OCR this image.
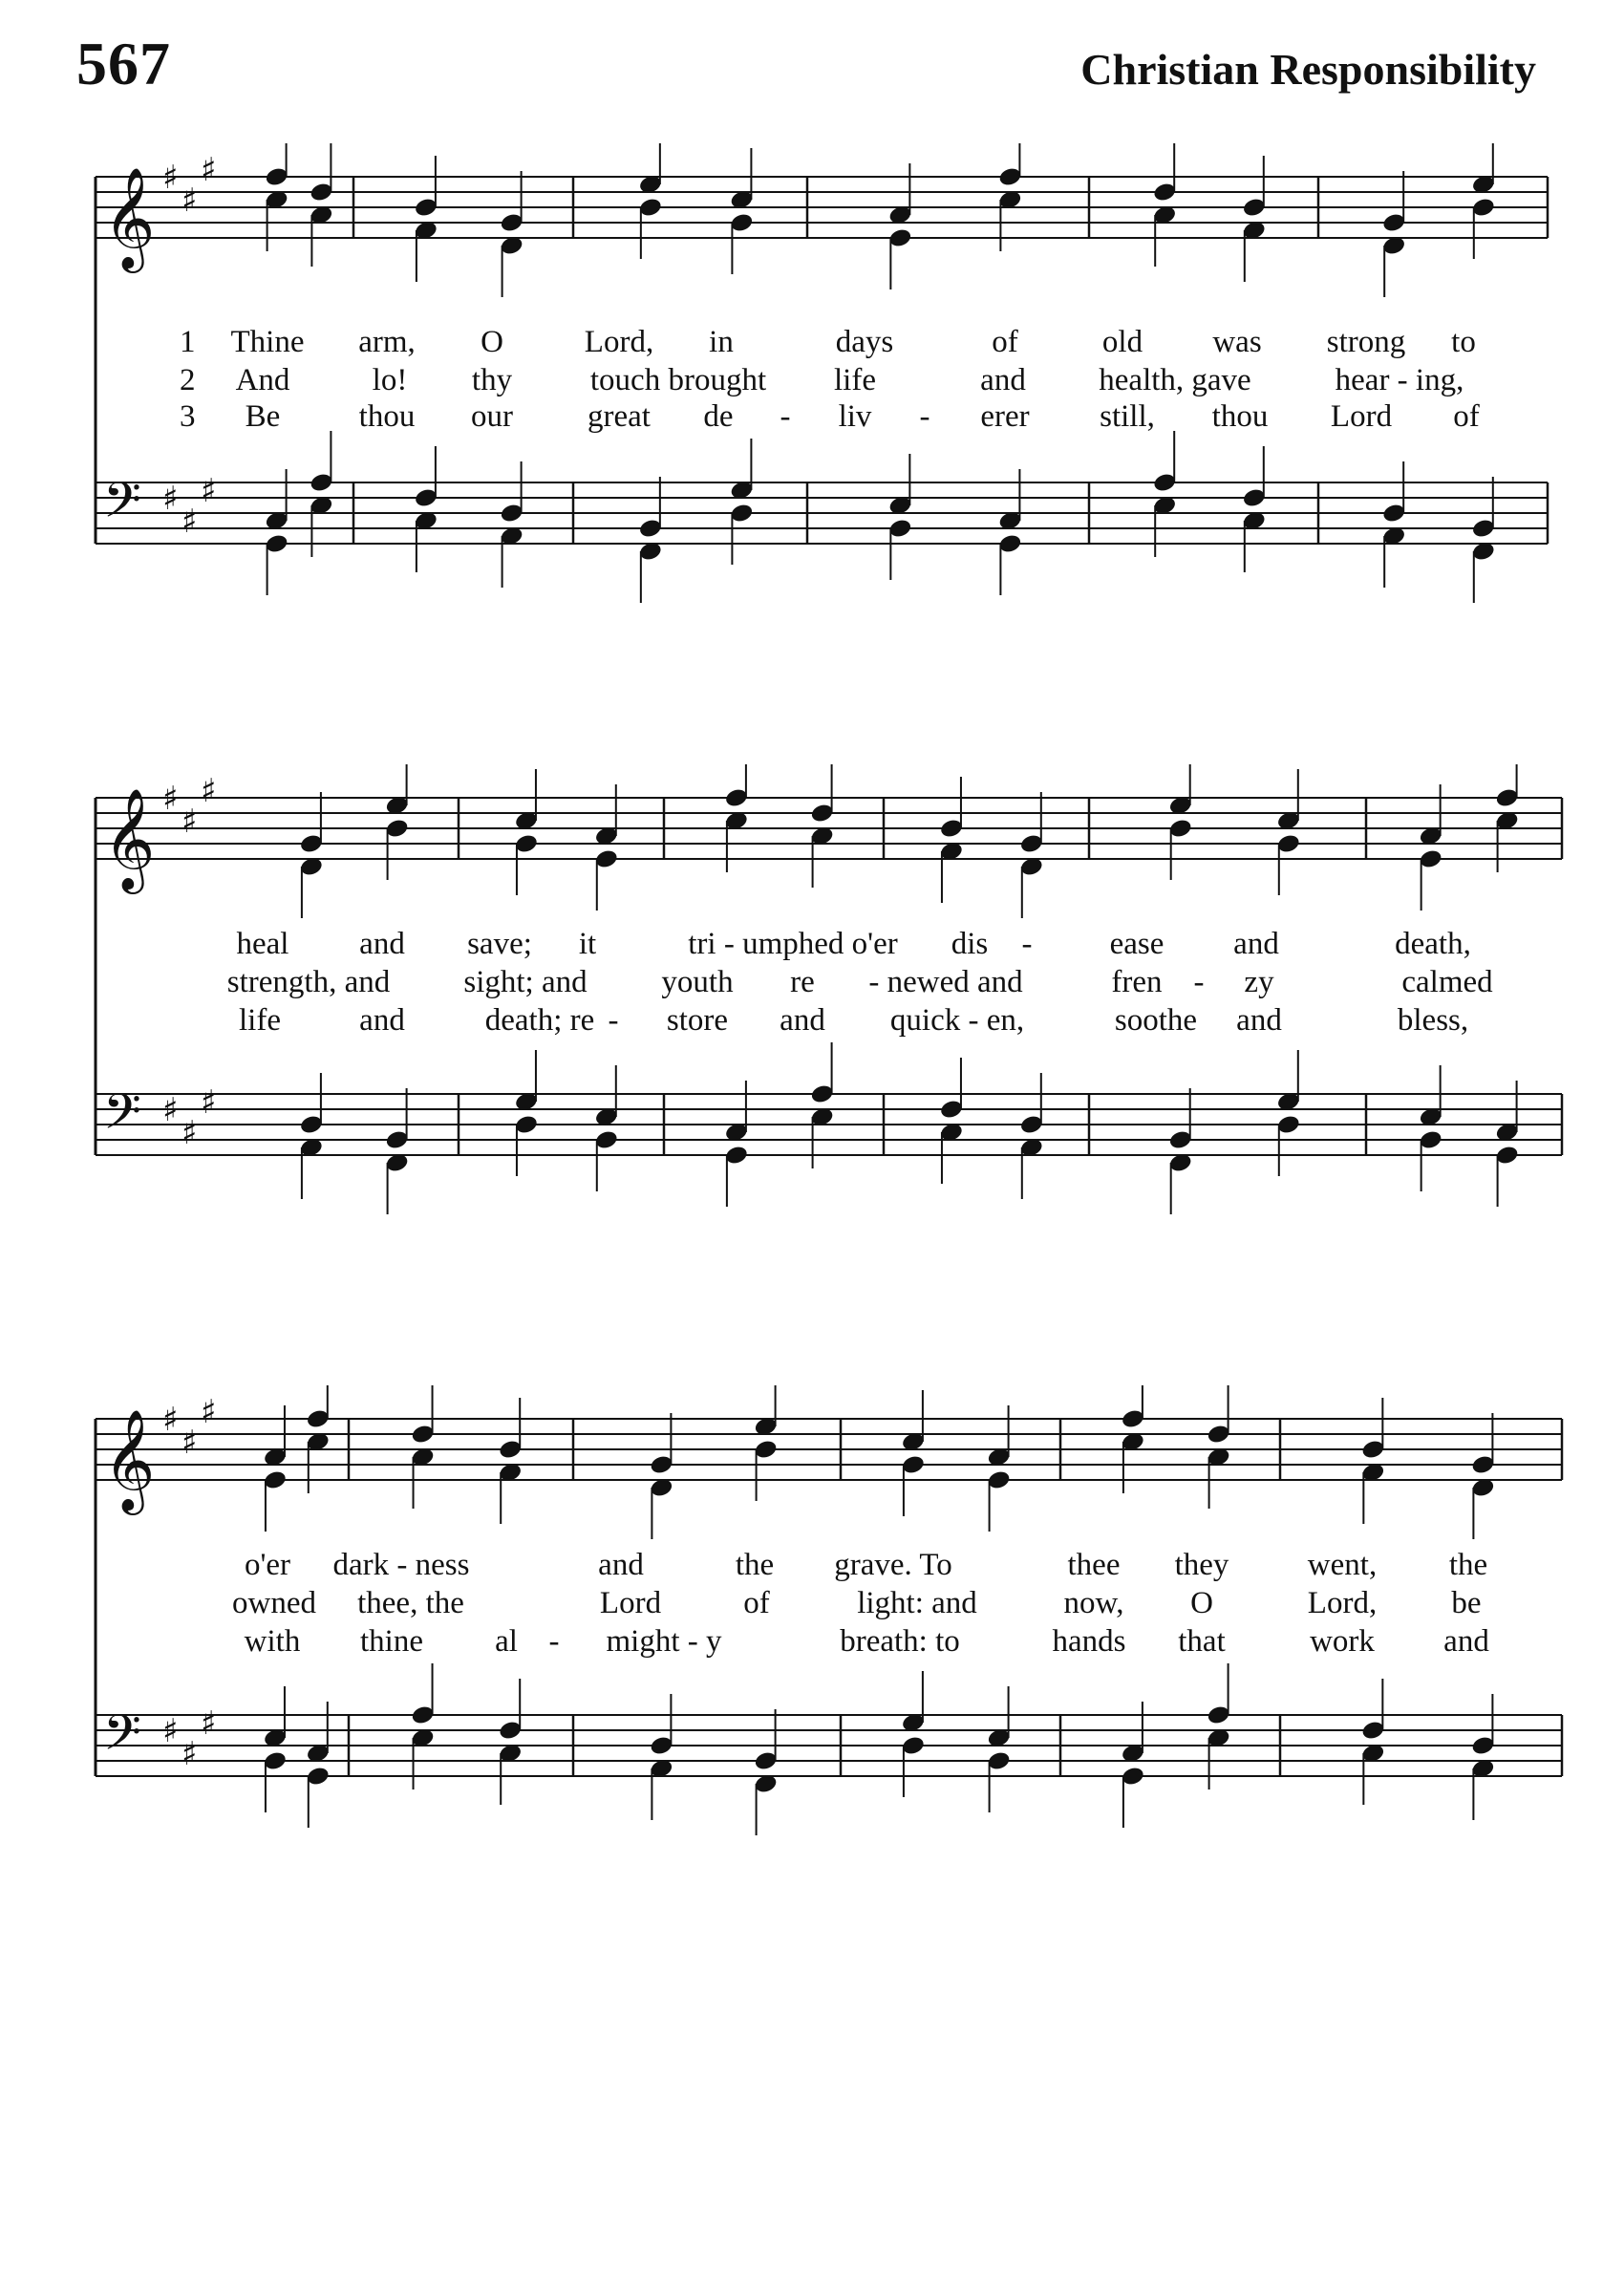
567	Christian Responsibility
𝄞 ♯
♯
♯
𝄢 ♯
♯
♯
1 Thine arm, O	Lord, in	days	of	old was strong to
2 And	lo! thy touch brought life	and health, gave	hear - ing,
3 Be thou our great de - liv - erer still, thou Lord of
𝄞 ♯
♯
♯
𝄢 ♯
♯
♯
heal and save; it	tri - umphed o'er dis - ease and	death,
strength, and sight; and youth re - newed and	fren - zy	calmed
life and	death; re - store and quick - en,	soothe and	bless,
𝄞 ♯
♯
♯
𝄢 ♯
♯
♯
o'er dark - ness	and	the grave. To	thee they went, the
owned thee, the	Lord	of	light: and	now, O	Lord, be
with thine al - might - y	breath: to	hands that	work and
